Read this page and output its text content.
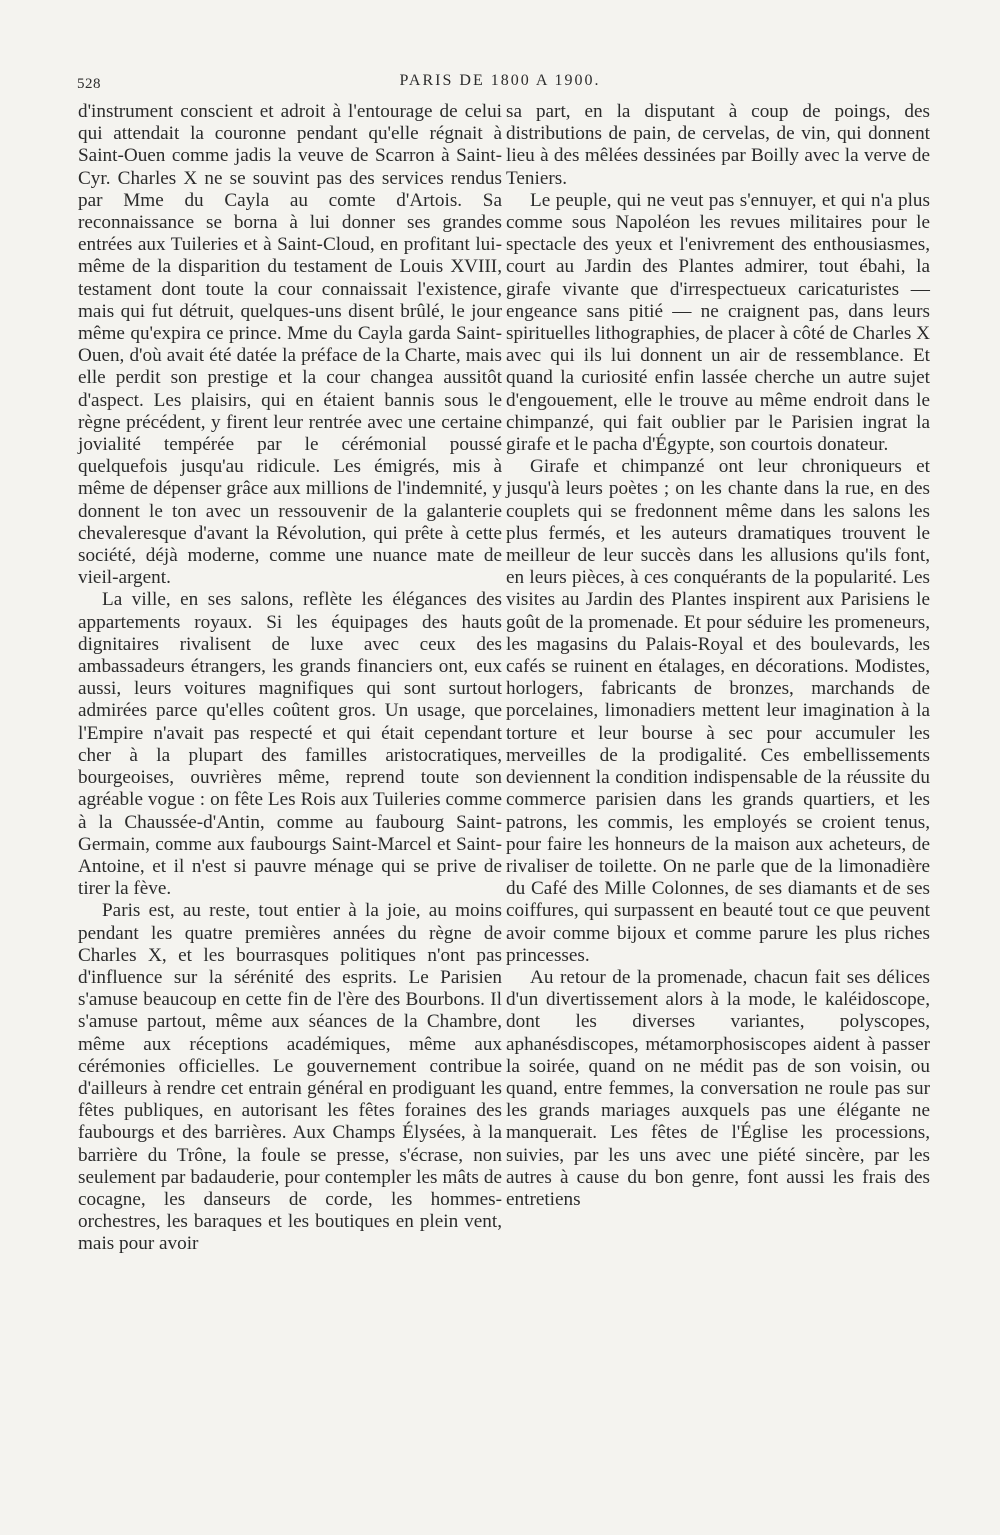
528	PARIS DE 1800 A 1900.

d'instrument conscient et adroit à l'entourage de celui qui attendait la couronne pendant qu'elle régnait à Saint-Ouen comme jadis la veuve de Scarron à Saint-Cyr. Charles X ne se souvint pas des services rendus par Mme du Cayla au comte d'Artois. Sa reconnaissance se borna à lui donner ses grandes entrées aux Tuileries et à Saint-Cloud, en profitant lui-même de la disparition du testament de Louis XVIII, testament dont toute la cour connaissait l'existence, mais qui fut détruit, quelques-uns disent brûlé, le jour même qu'expira ce prince. Mme du Cayla garda Saint-Ouen, d'où avait été datée la préface de la Charte, mais elle perdit son prestige et la cour changea aussitôt d'aspect. Les plaisirs, qui en étaient bannis sous le règne précédent, y firent leur rentrée avec une certaine jovialité tempérée par le cérémonial poussé quelquefois jusqu'au ridicule. Les émigrés, mis à même de dépenser grâce aux millions de l'indemnité, y donnent le ton avec un ressouvenir de la galanterie chevaleresque d'avant la Révolution, qui prête à cette société, déjà moderne, comme une nuance mate de vieil-argent.

La ville, en ses salons, reflète les élégances des appartements royaux. Si les équipages des hauts dignitaires rivalisent de luxe avec ceux des ambassadeurs étrangers, les grands financiers ont, eux aussi, leurs voitures magnifiques qui sont surtout admirées parce qu'elles coûtent gros. Un usage, que l'Empire n'avait pas respecté et qui était cependant cher à la plupart des familles aristocratiques, bourgeoises, ouvrières même, reprend toute son agréable vogue : on fête Les Rois aux Tuileries comme à la Chaussée-d'Antin, comme au faubourg Saint-Germain, comme aux faubourgs Saint-Marcel et Saint-Antoine, et il n'est si pauvre ménage qui se prive de tirer la fève.

Paris est, au reste, tout entier à la joie, au moins pendant les quatre premières années du règne de Charles X, et les bourrasques politiques n'ont pas d'influence sur la sérénité des esprits. Le Parisien s'amuse beaucoup en cette fin de l'ère des Bourbons. Il s'amuse partout, même aux séances de la Chambre, même aux réceptions académiques, même aux cérémonies officielles. Le gouvernement contribue d'ailleurs à rendre cet entrain général en prodiguant les fêtes publiques, en autorisant les fêtes foraines des faubourgs et des barrières. Aux Champs Élysées, à la barrière du Trône, la foule se presse, s'écrase, non seulement par badauderie, pour contempler les mâts de cocagne, les danseurs de corde, les hommes-orchestres, les baraques et les boutiques en plein vent, mais pour avoir

sa part, en la disputant à coup de poings, des distributions de pain, de cervelas, de vin, qui donnent lieu à des mêlées dessinées par Boilly avec la verve de Teniers.

Le peuple, qui ne veut pas s'ennuyer, et qui n'a plus comme sous Napoléon les revues militaires pour le spectacle des yeux et l'enivrement des enthousiasmes, court au Jardin des Plantes admirer, tout ébahi, la girafe vivante que d'irrespectueux caricaturistes — engeance sans pitié — ne craignent pas, dans leurs spirituelles lithographies, de placer à côté de Charles X avec qui ils lui donnent un air de ressemblance. Et quand la curiosité enfin lassée cherche un autre sujet d'engouement, elle le trouve au même endroit dans le chimpanzé, qui fait oublier par le Parisien ingrat la girafe et le pacha d'Égypte, son courtois donateur.

Girafe et chimpanzé ont leur chroniqueurs et jusqu'à leurs poètes ; on les chante dans la rue, en des couplets qui se fredonnent même dans les salons les plus fermés, et les auteurs dramatiques trouvent le meilleur de leur succès dans les allusions qu'ils font, en leurs pièces, à ces conquérants de la popularité. Les visites au Jardin des Plantes inspirent aux Parisiens le goût de la promenade. Et pour séduire les promeneurs, les magasins du Palais-Royal et des boulevards, les cafés se ruinent en étalages, en décorations. Modistes, horlogers, fabricants de bronzes, marchands de porcelaines, limonadiers mettent leur imagination à la torture et leur bourse à sec pour accumuler les merveilles de la prodigalité. Ces embellissements deviennent la condition indispensable de la réussite du commerce parisien dans les grands quartiers, et les patrons, les commis, les employés se croient tenus, pour faire les honneurs de la maison aux acheteurs, de rivaliser de toilette. On ne parle que de la limonadière du Café des Mille Colonnes, de ses diamants et de ses coiffures, qui surpassent en beauté tout ce que peuvent avoir comme bijoux et comme parure les plus riches princesses.

Au retour de la promenade, chacun fait ses délices d'un divertissement alors à la mode, le kaléidoscope, dont les diverses variantes, polyscopes, aphanésdiscopes, métamorphosiscopes aident à passer la soirée, quand on ne médit pas de son voisin, ou quand, entre femmes, la conversation ne roule pas sur les grands mariages auxquels pas une élégante ne manquerait. Les fêtes de l'Église les processions, suivies, par les uns avec une piété sincère, par les autres à cause du bon genre, font aussi les frais des entretiens
